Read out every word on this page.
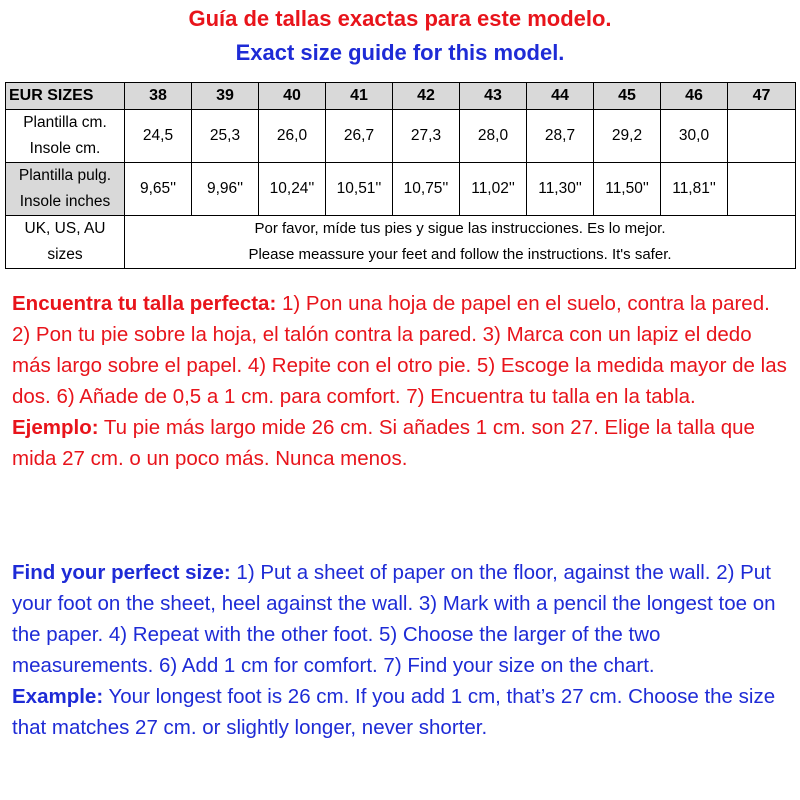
Guía de tallas exactas para este modelo.
Exact size guide for this model.
EUR SIZES	38	39	40	41	42	43	44	45	46	47

Plantilla cm.
Insole cm.	24,5	25,3	26,0	26,7	27,3	28,0	28,7	29,2	30,0	

Plantilla pulg.
Insole inches	9,65''	9,96''	10,24''	10,51''	10,75''	11,02''	11,30''	11,50''	11,81''	

UK, US, AU
sizes	Por favor, míde tus pies y sigue las instrucciones. Es lo mejor.
Please meassure your feet and follow the instructions. It's safer.									

Encuentra tu talla perfecta: 1) Pon una hoja de papel en el suelo, contra la pared. 2) Pon tu pie sobre la hoja, el talón contra la pared. 3) Marca con un lapiz el dedo más largo sobre el papel. 4) Repite con el otro pie. 5) Escoge la medida mayor de las dos. 6) Añade de 0,5 a 1 cm. para comfort. 7) Encuentra tu talla en la tabla.

Ejemplo: Tu pie más largo mide 26 cm. Si añades 1 cm. son 27. Elige la talla que mida 27 cm. o un poco más. Nunca menos.

Find your perfect size: 1) Put a sheet of paper on the floor, against the wall. 2) Put your foot on the sheet, heel against the wall. 3) Mark with a pencil the longest toe on the paper. 4) Repeat with the other foot. 5) Choose the larger of the two measurements. 6) Add 1 cm for comfort. 7) Find your size on the chart.

Example: Your longest foot is 26 cm. If you add 1 cm, that’s 27 cm. Choose the size that matches 27 cm. or slightly longer, never shorter.
